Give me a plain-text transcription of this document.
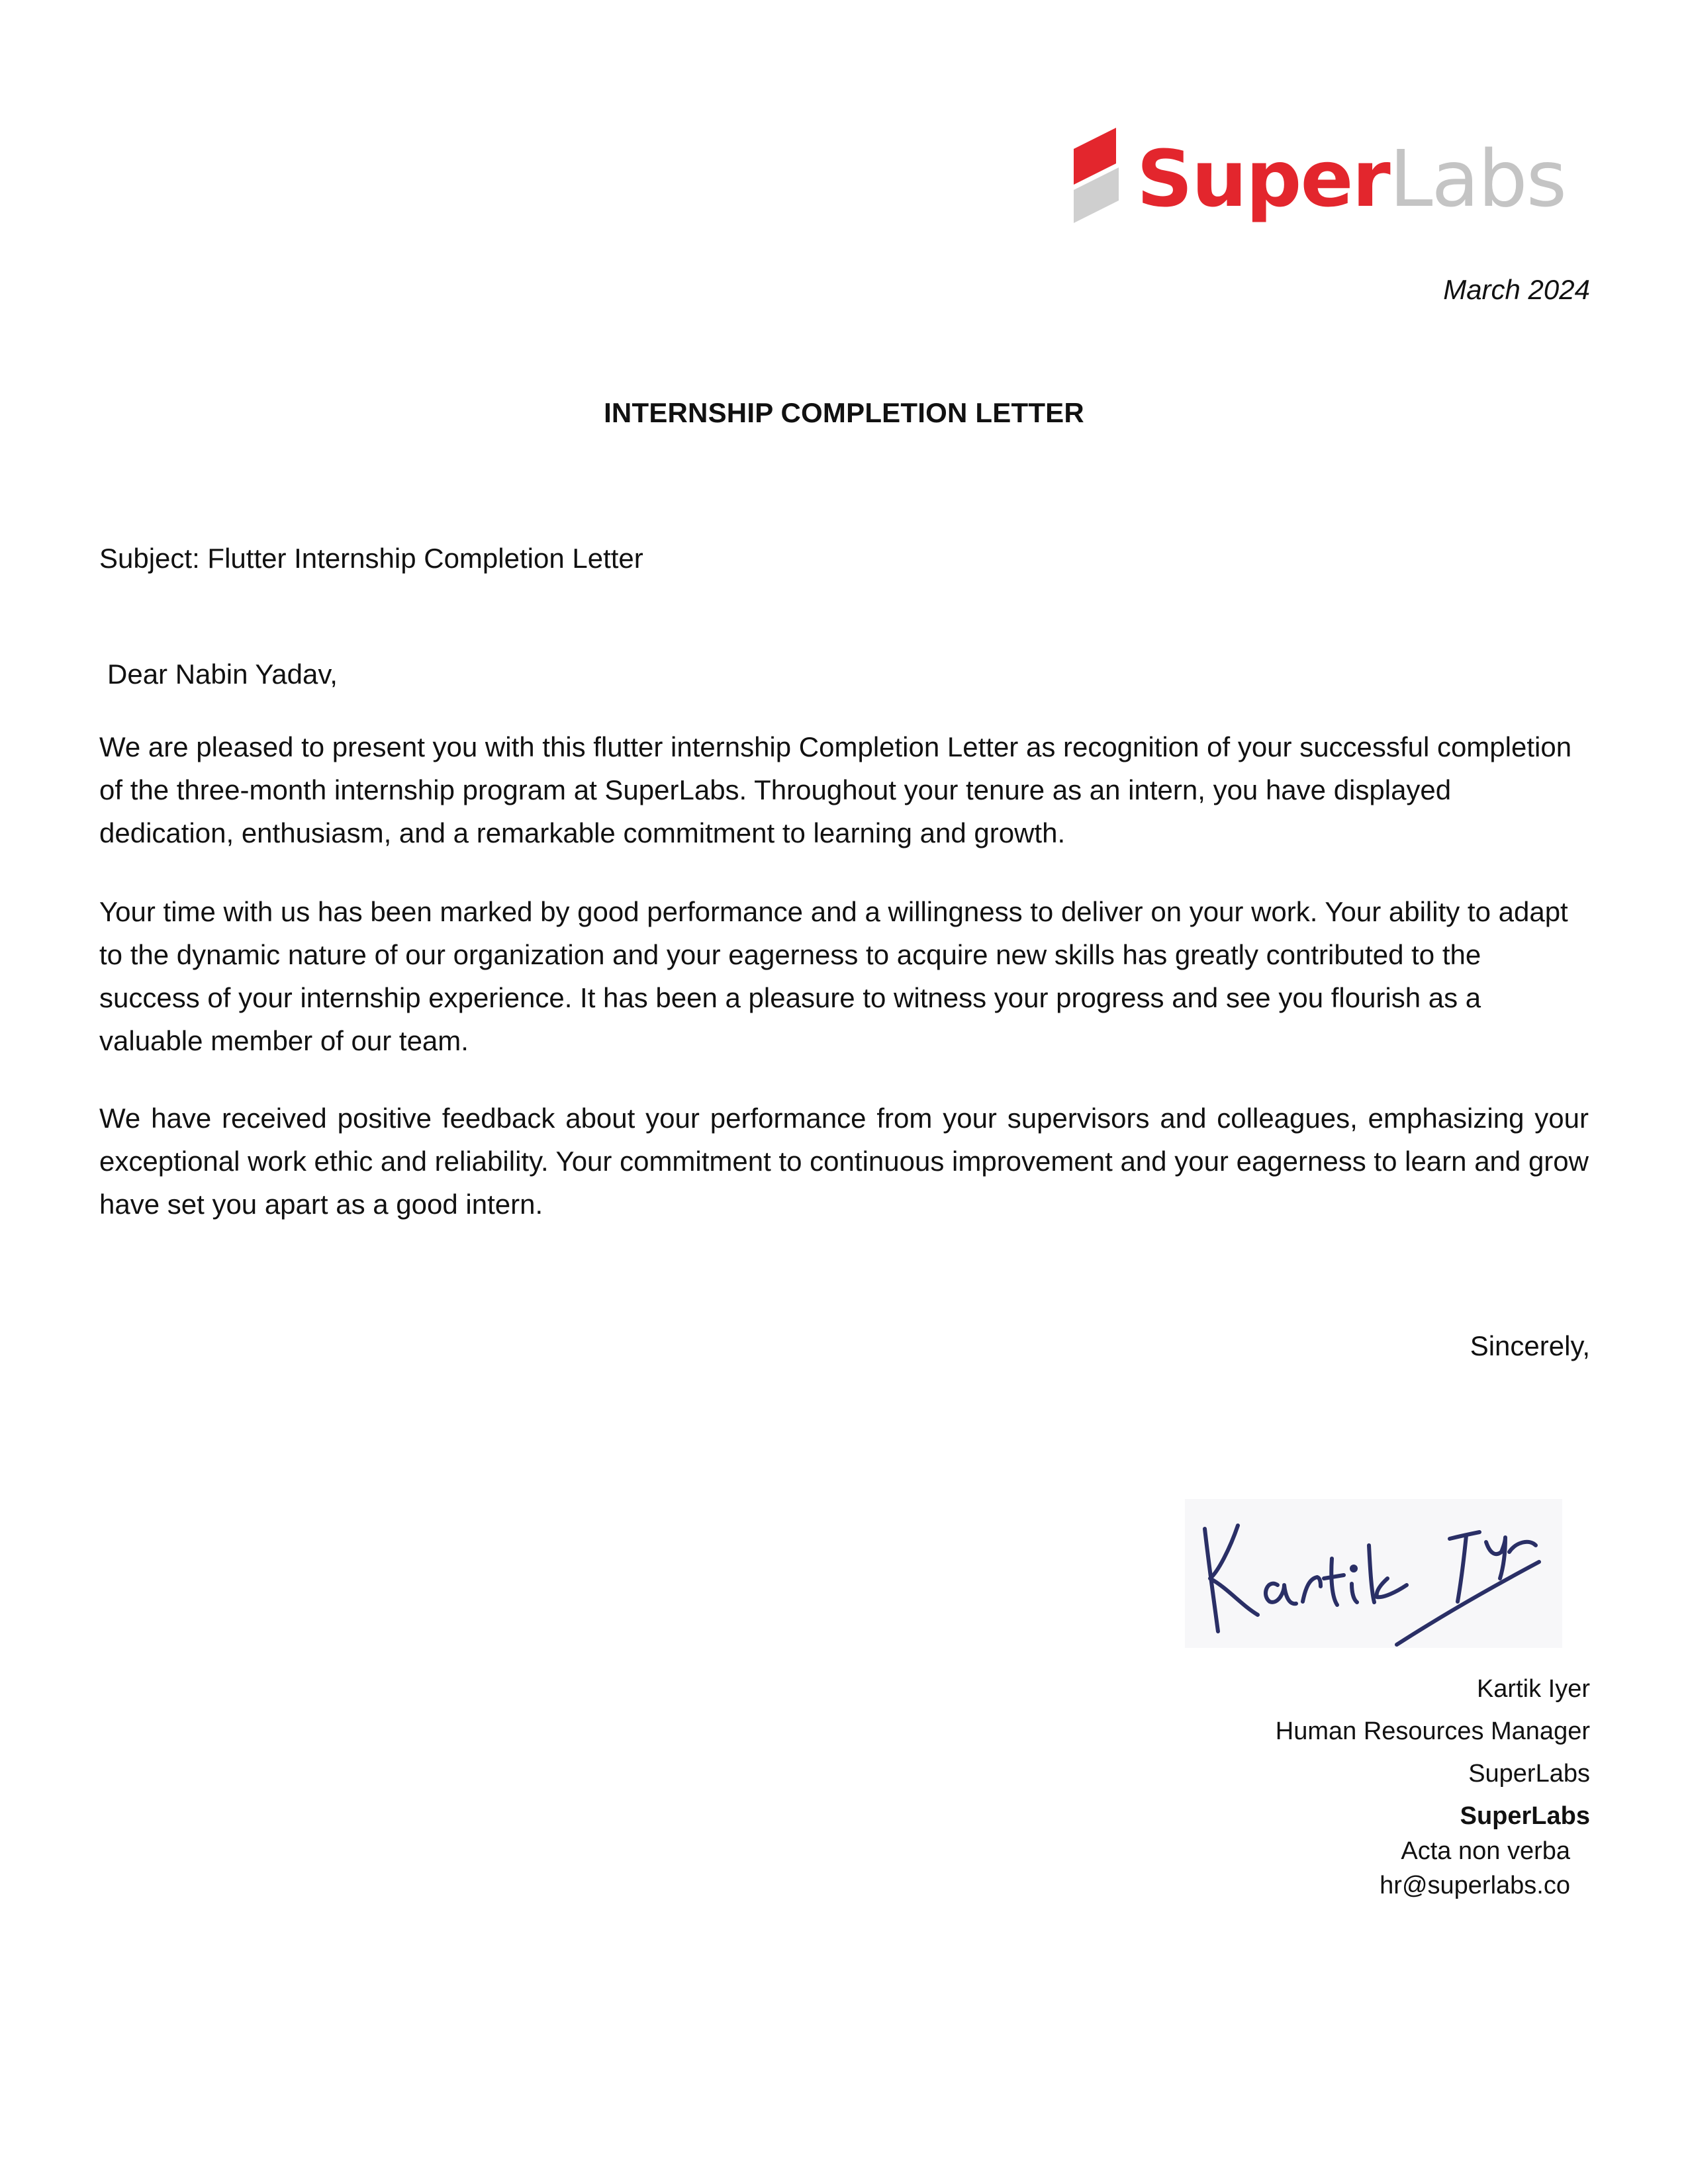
SuperLabs
March 2024
INTERNSHIP COMPLETION LETTER
Subject: Flutter Internship Completion Letter
Dear Nabin Yadav,
We are pleased to present you with this flutter internship Completion Letter as recognition of your successful completion of the three-month internship program at SuperLabs. Throughout your tenure as an intern, you have displayed dedication, enthusiasm, and a remarkable commitment to learning and growth.
Your time with us has been marked by good performance and a willingness to deliver on your work. Your ability to adapt to the dynamic nature of our organization and your eagerness to acquire new skills has greatly contributed to the success of your internship experience. It has been a pleasure to witness your progress and see you flourish as a valuable member of our team.
We have received positive feedback about your performance from your supervisors and colleagues, emphasizing your exceptional work ethic and reliability. Your commitment to continuous improvement and your eagerness to learn and grow have set you apart as a good intern.
Sincerely,
Kartik Iyer
Human Resources Manager
SuperLabs
SuperLabs
Acta non verba
hr@superlabs.co
